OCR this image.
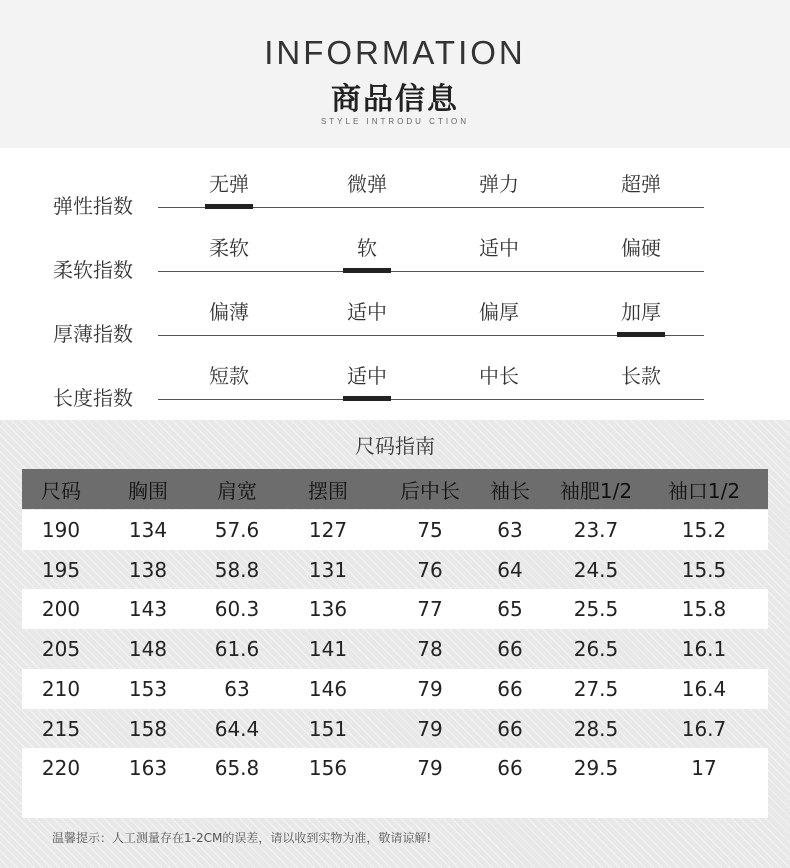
INFORMATION
商品信息
STYLE INTRODU CTION
弹性指数
无弹	微弹	弹力	超弹
柔软指数
柔软	软	适中	偏硬
厚薄指数
偏薄	适中	偏厚	加厚
长度指数
短款	适中	中长	长款
尺码指南
尺码	胸围	肩宽	摆围	后中长	袖长	袖肥1/2	袖口1/2
190	134	57.6	127	75	63	23.7	15.2
195	138	58.8	131	76	64	24.5	15.5
200	143	60.3	136	77	65	25.5	15.8
205	148	61.6	141	78	66	26.5	16.1
210	153	63	146	79	66	27.5	16.4
215	158	64.4	151	79	66	28.5	16.7
220	163	65.8	156	79	66	29.5	17
温馨提示：人工测量存在1-2CM的误差，请以收到实物为准，敬请谅解!
